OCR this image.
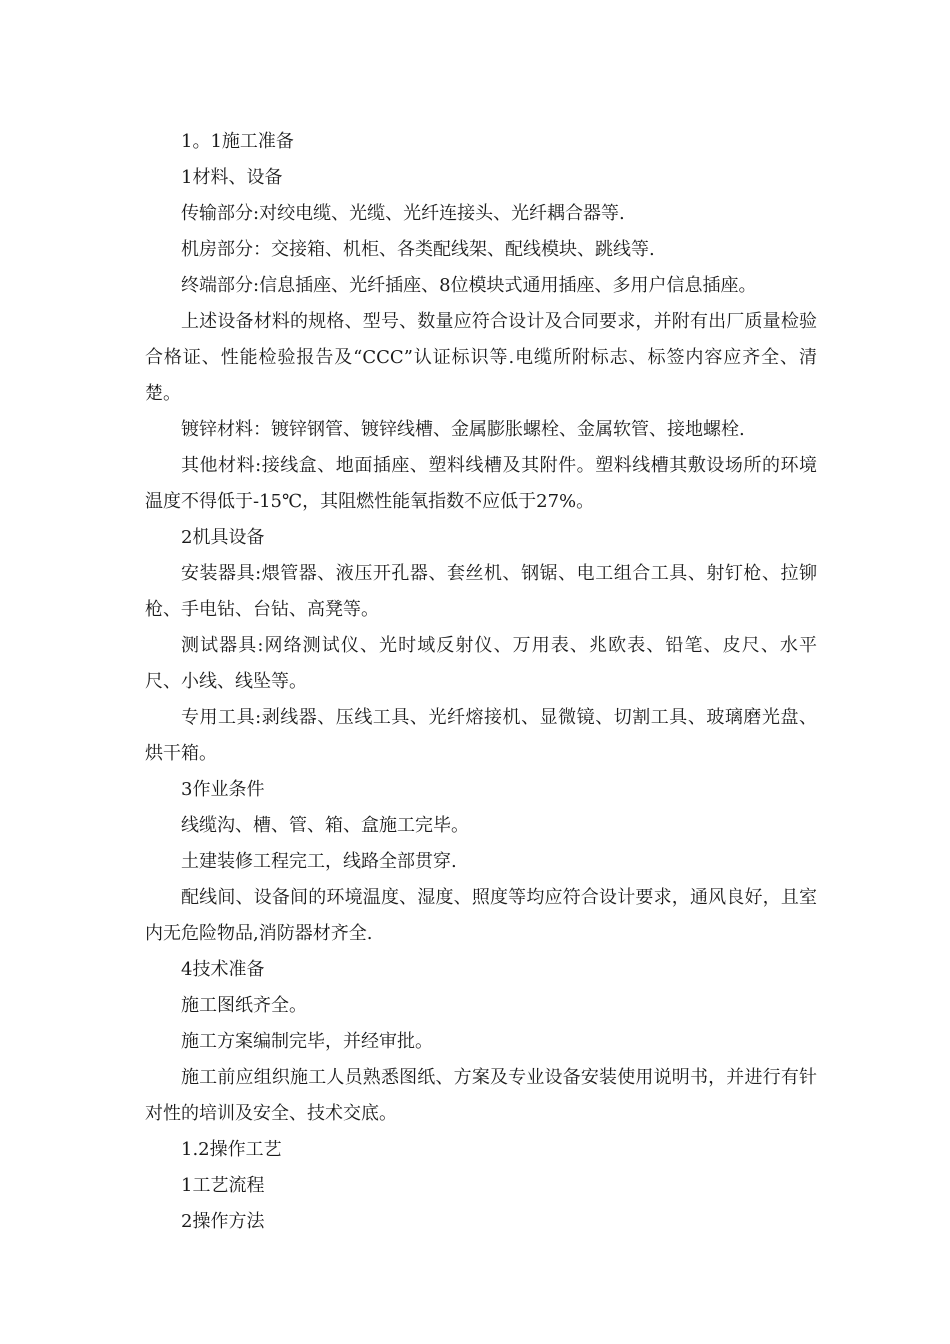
1。1施工准备

1材料、设备

传输部分:对绞电缆、光缆、光纤连接头、光纤耦合器等.

机房部分：交接箱、机柜、各类配线架、配线模块、跳线等.

终端部分:信息插座、光纤插座、8位模块式通用插座、多用户信息插座。

上述设备材料的规格、型号、数量应符合设计及合同要求，并附有出厂质量检验合格证、性能检验报告及“CCC”认证标识等.电缆所附标志、标签内容应齐全、清楚。

镀锌材料：镀锌钢管、镀锌线槽、金属膨胀螺栓、金属软管、接地螺栓.

其他材料:接线盒、地面插座、塑料线槽及其附件。塑料线槽其敷设场所的环境温度不得低于-15℃，其阻燃性能氧指数不应低于27%。

2机具设备

安装器具:煨管器、液压开孔器、套丝机、钢锯、电工组合工具、射钉枪、拉铆枪、手电钻、台钻、高凳等。

测试器具:网络测试仪、光时域反射仪、万用表、兆欧表、铅笔、皮尺、水平尺、小线、线坠等。

专用工具:剥线器、压线工具、光纤熔接机、显微镜、切割工具、玻璃磨光盘、烘干箱。

3作业条件

线缆沟、槽、管、箱、盒施工完毕。

土建装修工程完工，线路全部贯穿.

配线间、设备间的环境温度、湿度、照度等均应符合设计要求，通风良好，且室内无危险物品,消防器材齐全.

4技术准备

施工图纸齐全。

施工方案编制完毕，并经审批。

施工前应组织施工人员熟悉图纸、方案及专业设备安装使用说明书，并进行有针对性的培训及安全、技术交底。

1.2操作工艺

1工艺流程

2操作方法
